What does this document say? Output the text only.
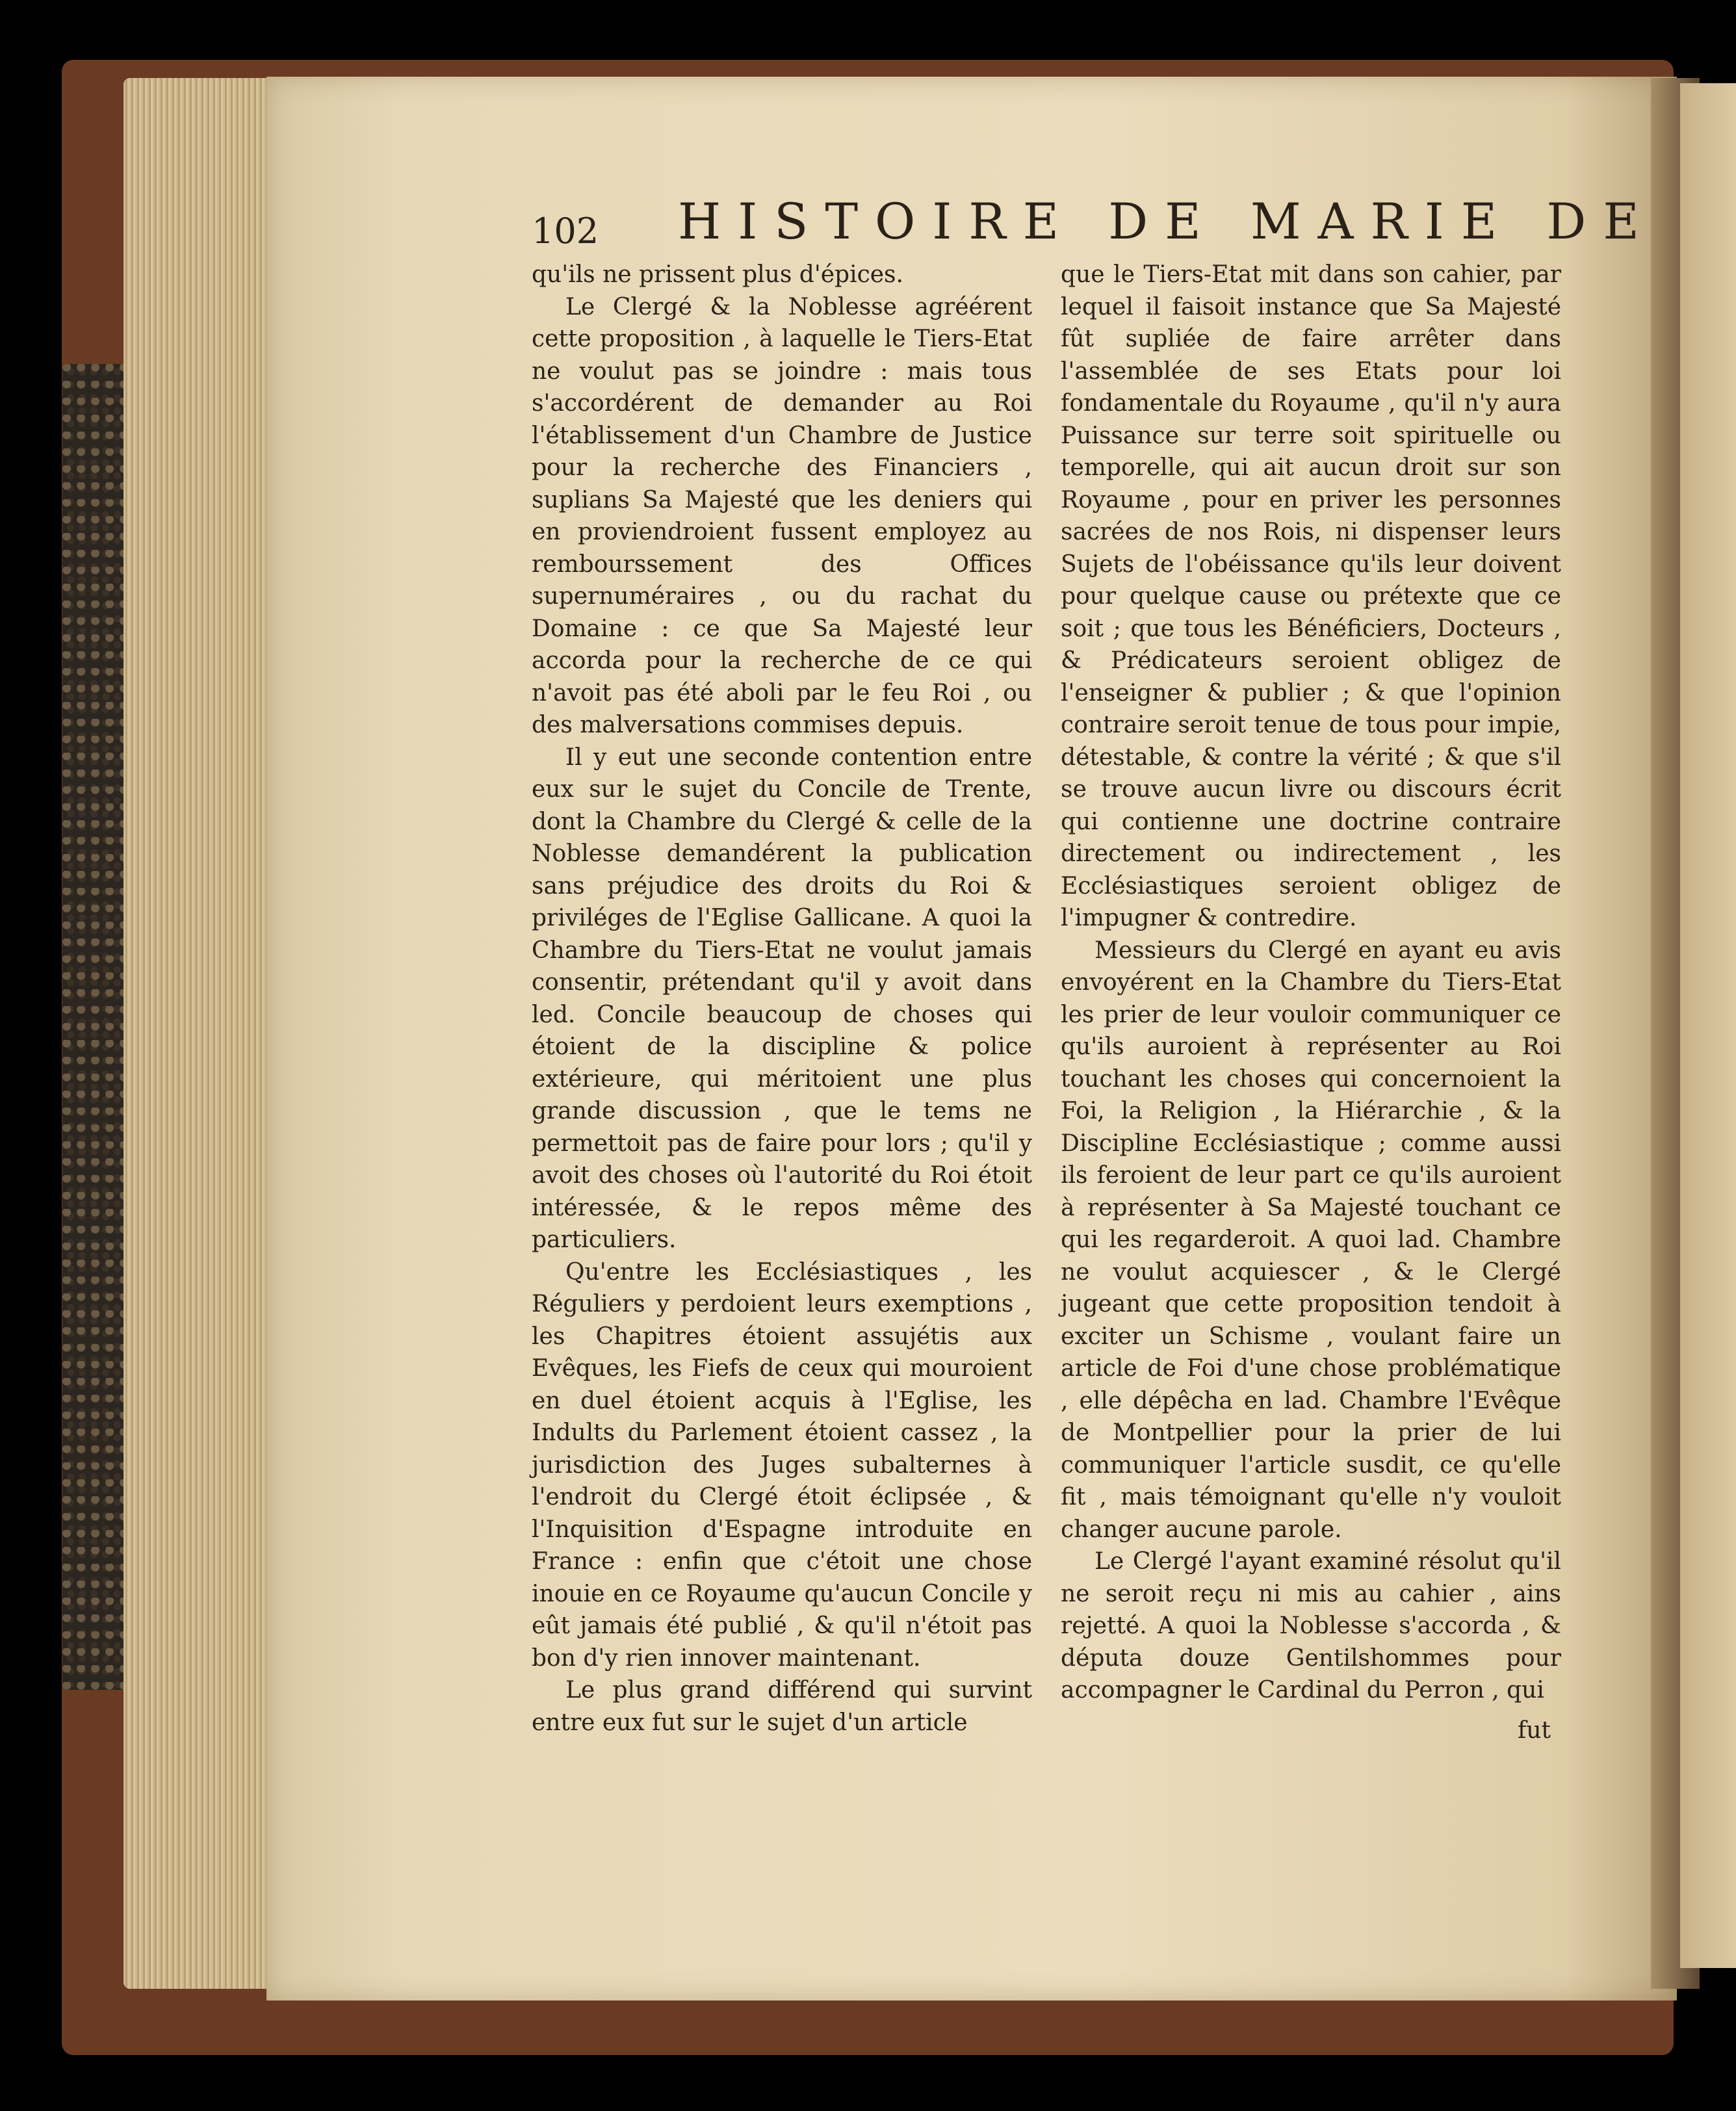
102 HISTOIRE DE MARIE DE

qu'ils ne prissent plus d'épices.

Le Clergé & la Noblesse agréérent cette proposition , à laquelle le Tiers-Etat ne voulut pas se joindre : mais tous s'accordérent de demander au Roi l'établissement d'un Chambre de Justice pour la recherche des Financiers , suplians Sa Majesté que les deniers qui en proviendroient fussent employez au rembourssement des Offices supernuméraires , ou du rachat du Domaine : ce que Sa Majesté leur accorda pour la recherche de ce qui n'avoit pas été aboli par le feu Roi , ou des malversations commises depuis.

Il y eut une seconde contention entre eux sur le sujet du Concile de Trente, dont la Chambre du Clergé & celle de la Noblesse demandérent la publication sans préjudice des droits du Roi & priviléges de l'Eglise Gallicane. A quoi la Chambre du Tiers-Etat ne voulut jamais consentir, prétendant qu'il y avoit dans led. Concile beaucoup de choses qui étoient de la discipline & police extérieure, qui méritoient une plus grande discussion , que le tems ne permettoit pas de faire pour lors ; qu'il y avoit des choses où l'autorité du Roi étoit intéressée, & le repos même des particuliers.

Qu'entre les Ecclésiastiques , les Réguliers y perdoient leurs exemptions , les Chapitres étoient assujétis aux Evêques, les Fiefs de ceux qui mouroient en duel étoient acquis à l'Eglise, les Indults du Parlement étoient cassez , la jurisdiction des Juges subalternes à l'endroit du Clergé étoit éclipsée , & l'Inquisition d'Espagne introduite en France : enfin que c'étoit une chose inouie en ce Royaume qu'aucun Concile y eût jamais été publié , & qu'il n'étoit pas bon d'y rien innover maintenant.

Le plus grand différend qui survint entre eux fut sur le sujet d'un article

que le Tiers-Etat mit dans son cahier, par lequel il faisoit instance que Sa Majesté fût supliée de faire arrêter dans l'assemblée de ses Etats pour loi fondamentale du Royaume , qu'il n'y aura Puissance sur terre soit spirituelle ou temporelle, qui ait aucun droit sur son Royaume , pour en priver les personnes sacrées de nos Rois, ni dispenser leurs Sujets de l'obéissance qu'ils leur doivent pour quelque cause ou prétexte que ce soit ; que tous les Bénéficiers, Docteurs , & Prédicateurs seroient obligez de l'enseigner & publier ; & que l'opinion contraire seroit tenue de tous pour impie, détestable, & contre la vérité ; & que s'il se trouve aucun livre ou discours écrit qui contienne une doctrine contraire directement ou indirectement , les Ecclésiastiques seroient obligez de l'impugner & contredire.

Messieurs du Clergé en ayant eu avis envoyérent en la Chambre du Tiers-Etat les prier de leur vouloir communiquer ce qu'ils auroient à représenter au Roi touchant les choses qui concernoient la Foi, la Religion , la Hiérarchie , & la Discipline Ecclésiastique ; comme aussi ils feroient de leur part ce qu'ils auroient à représenter à Sa Majesté touchant ce qui les regarderoit. A quoi lad. Chambre ne voulut acquiescer , & le Clergé jugeant que cette proposition tendoit à exciter un Schisme , voulant faire un article de Foi d'une chose problématique , elle dépêcha en lad. Chambre l'Evêque de Montpellier pour la prier de lui communiquer l'article susdit, ce qu'elle fit , mais témoignant qu'elle n'y vouloit changer aucune parole.

Le Clergé l'ayant examiné résolut qu'il ne seroit reçu ni mis au cahier , ains rejetté. A quoi la Noblesse s'accorda , & députa douze Gentilshommes pour accompagner le Cardinal du Perron , qui

fut
